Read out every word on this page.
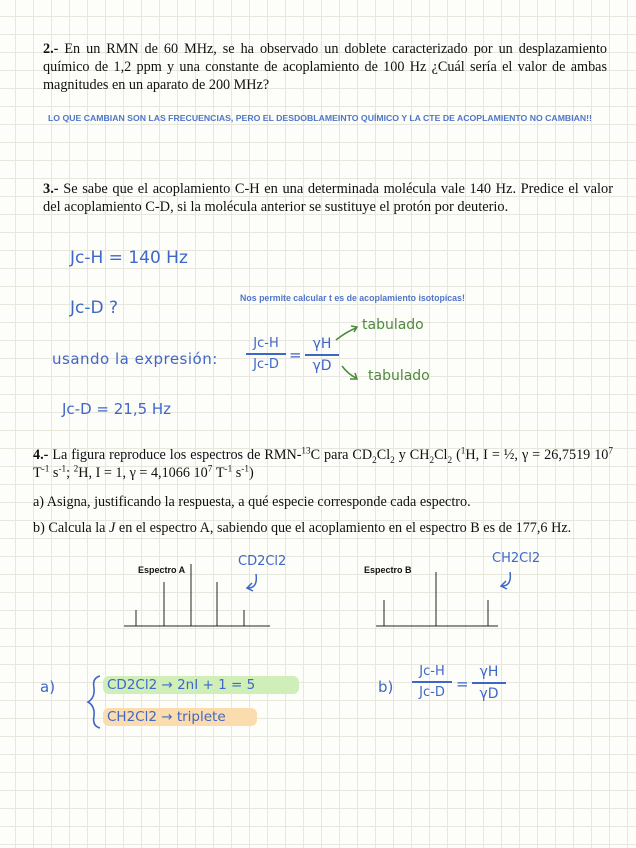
2.- En un RMN de 60 MHz, se ha observado un doblete caracterizado por un desplazamiento químico de 1,2 ppm y una constante de acoplamiento de 100 Hz ¿Cuál sería el valor de ambas magnitudes en un aparato de 200 MHz?
LO QUE CAMBIAN SON LAS FRECUENCIAS, PERO EL DESDOBLAMEINTO QUÍMICO Y LA CTE DE ACOPLAMIENTO NO CAMBIAN!!
3.- Se sabe que el acoplamiento C-H en una determinada molécula vale 140 Hz. Predice el valor del acoplamiento C-D, si la molécula anterior se sustituye el protón por deuterio.
Jc-H = 140 Hz
Jc-D ?	Nos permite calcular t es de acoplamiento isotopicas!
usando la expresión:
Jc-H
Jc-D =
γH
γD
tabulado
tabulado
Jc-D = 21,5 Hz
4.- La figura reproduce los espectros de RMN-$^{13}$C para $CD_2Cl_2$ y $CH_2Cl_2$ ($^1$H, I = ½, γ = 26,7519 $10^7$ $T^{-1}$ $s^{-1}$; $^2$H, I = 1, γ = 4,1066 $10^7$ $T^{-1}$ $s^{-1}$)
a) Asigna, justificando la respuesta, a qué especie corresponde cada espectro.
b) Calcula la J en el espectro A, sabiendo que el acoplamiento en el espectro B es de 177,6 Hz.
Espectro A	Espectro B
CD2Cl2	CH2Cl2
a)	CD2Cl2 → 2nI + 1 = 5
CH2Cl2 → triplete
b)
Jc-H
Jc-D =
γH
γD
